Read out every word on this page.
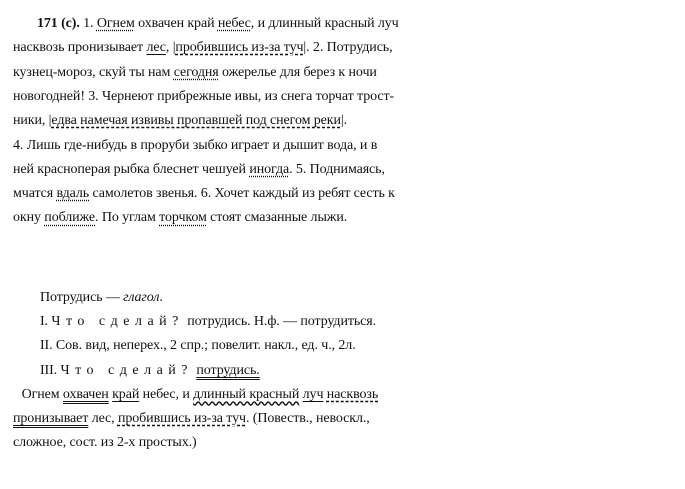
171 (с). 1. Огнем охвачен край небес, и длинный красный луч
насквозь пронизывает лес, |пробившись из-за туч|. 2. Потрудись,
кузнец-мороз, скуй ты нам сегодня ожерелье для берез к ночи
новогодней! 3. Чернеют прибрежные ивы, из снега торчат трост-
ники, |едва намечая извивы пропавшей под снегом реки|.
4. Лишь где-нибудь в проруби зыбко играет и дышит вода, и в
ней краснoперая рыбка блеснет чешуей иногда. 5. Поднимаясь,
мчатся вдаль самолетов звенья. 6. Хочет каждый из ребят сесть к
окну поближе. По углам торчком стоят смазанные лыжи.
Потрудись — глагол.
I. Что сделай? потрудись. Н.ф. — потрудиться.
II. Сов. вид, неперех., 2 спр.; повелит. накл., ед. ч., 2л.
III. Что сделай? потрудись.
Огнем охвачен край небес, и длинный красный луч насквозь
пронизывает лес, пробившись из-за туч. (Повеств., невоскл.,
сложное, сост. из 2-х простых.)
